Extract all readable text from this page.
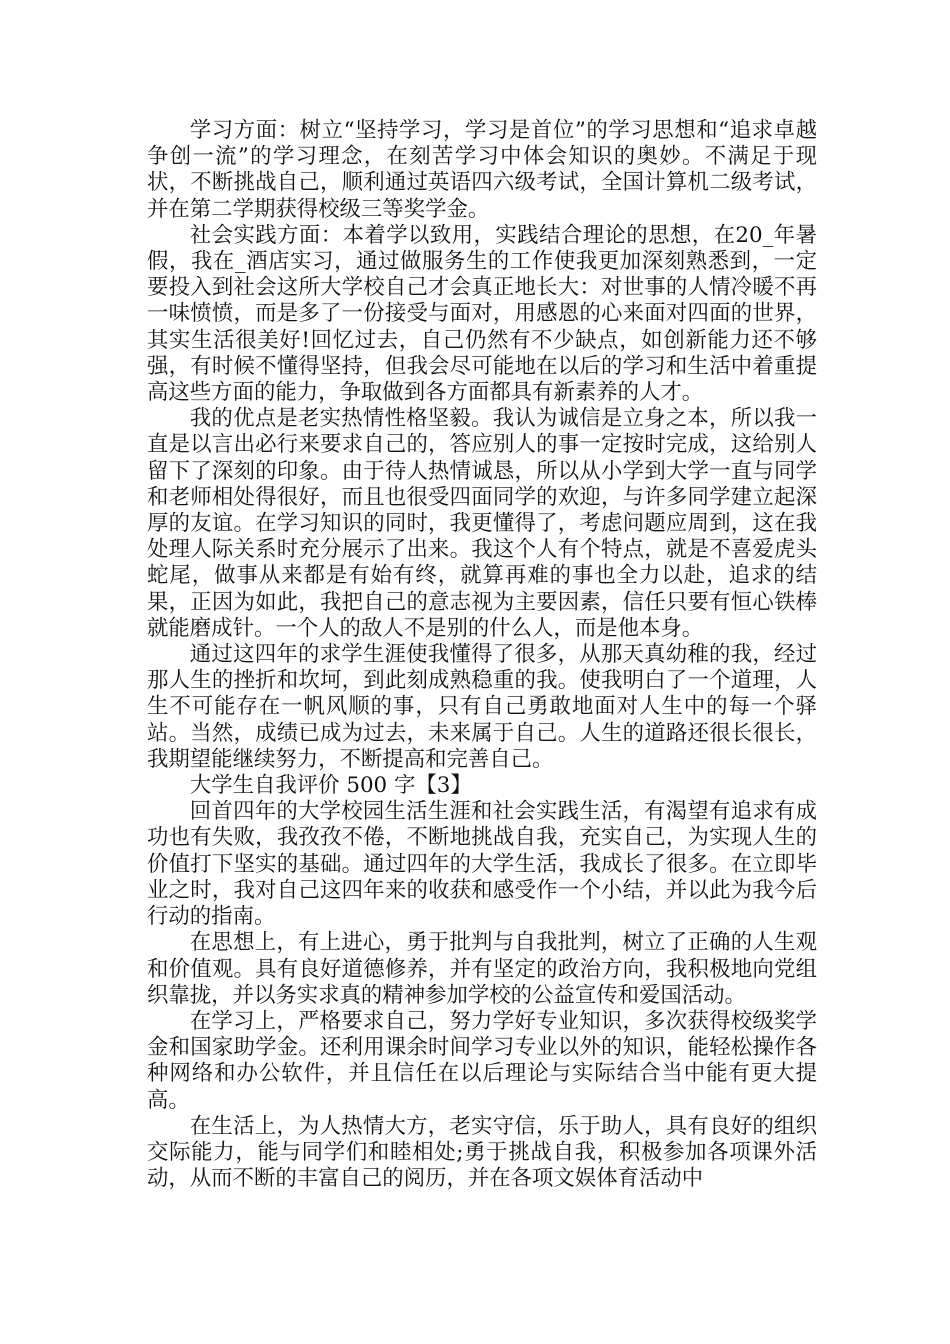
学习方面：树立“坚持学习，学习是首位”的学习思想和“追求卓越争创一流”的学习理念，在刻苦学习中体会知识的奥妙。不满足于现状，不断挑战自己，顺利通过英语四六级考试，全国计算机二级考试，并在第二学期获得校级三等奖学金。

社会实践方面：本着学以致用，实践结合理论的思想，在20_年暑假，我在_酒店实习，通过做服务生的工作使我更加深刻熟悉到，一定要投入到社会这所大学校自己才会真正地长大：对世事的人情冷暖不再一味愤愤，而是多了一份接受与面对，用感恩的心来面对四面的世界，其实生活很美好!回忆过去，自己仍然有不少缺点，如创新能力还不够强，有时候不懂得坚持，但我会尽可能地在以后的学习和生活中着重提高这些方面的能力，争取做到各方面都具有新素养的人才。

我的优点是老实热情性格坚毅。我认为诚信是立身之本，所以我一直是以言出必行来要求自己的，答应别人的事一定按时完成，这给别人留下了深刻的印象。由于待人热情诚恳，所以从小学到大学一直与同学和老师相处得很好，而且也很受四面同学的欢迎，与许多同学建立起深厚的友谊。在学习知识的同时，我更懂得了，考虑问题应周到，这在我处理人际关系时充分展示了出来。我这个人有个特点，就是不喜爱虎头蛇尾，做事从来都是有始有终，就算再难的事也全力以赴，追求的结果，正因为如此，我把自己的意志视为主要因素，信任只要有恒心铁棒就能磨成针。一个人的敌人不是别的什么人，而是他本身。

通过这四年的求学生涯使我懂得了很多，从那天真幼稚的我，经过那人生的挫折和坎坷，到此刻成熟稳重的我。使我明白了一个道理，人生不可能存在一帆风顺的事，只有自己勇敢地面对人生中的每一个驿站。当然，成绩已成为过去，未来属于自己。人生的道路还很长很长，我期望能继续努力，不断提高和完善自己。

大学生自我评价 500 字【3】

回首四年的大学校园生活生涯和社会实践生活，有渴望有追求有成功也有失败，我孜孜不倦，不断地挑战自我，充实自己，为实现人生的价值打下坚实的基础。通过四年的大学生活，我成长了很多。在立即毕业之时，我对自己这四年来的收获和感受作一个小结，并以此为我今后行动的指南。

在思想上，有上进心，勇于批判与自我批判，树立了正确的人生观和价值观。具有良好道德修养，并有坚定的政治方向，我积极地向党组织靠拢，并以务实求真的精神参加学校的公益宣传和爱国活动。

在学习上，严格要求自己，努力学好专业知识，多次获得校级奖学金和国家助学金。还利用课余时间学习专业以外的知识，能轻松操作各种网络和办公软件，并且信任在以后理论与实际结合当中能有更大提高。

在生活上，为人热情大方，老实守信，乐于助人，具有良好的组织交际能力，能与同学们和睦相处;勇于挑战自我，积极参加各项课外活动，从而不断的丰富自己的阅历，并在各项文娱体育活动中
